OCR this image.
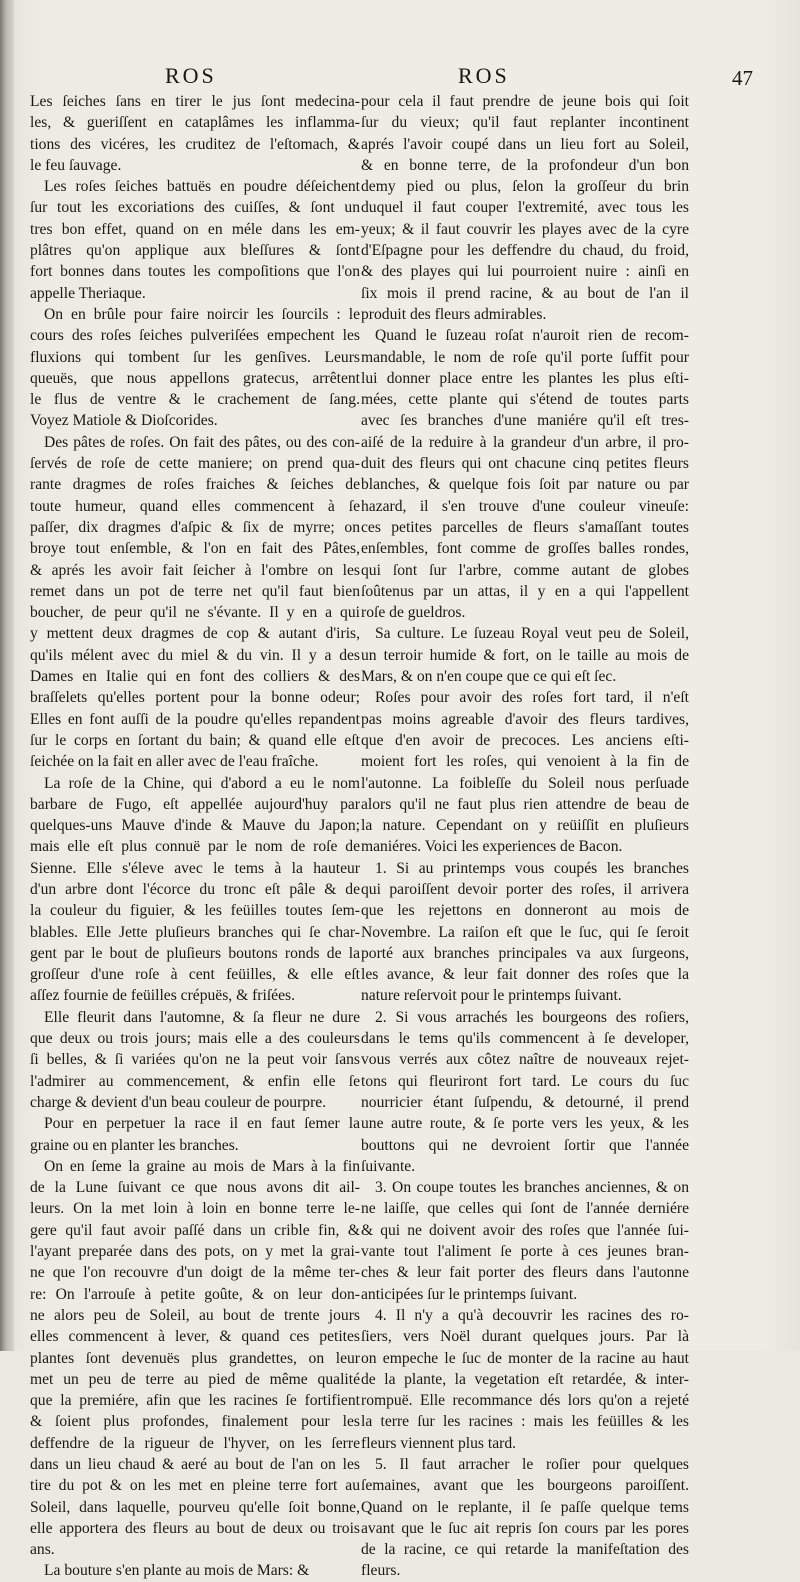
ROS	ROS	47
Les ſeiches ſans en tirer le jus ſont medecina-
les, & gueriſſent en cataplâmes les inflamma-
tions des vicéres, les cruditez de l'eſtomach, &
le feu ſauvage.
Les roſes ſeiches battuës en poudre déſeichent
ſur tout les excoriations des cuiſſes, & ſont un
tres bon effet, quand on en méle dans les em-
plâtres qu'on applique aux bleſſures & ſont
fort bonnes dans toutes les compoſitions que l'on
appelle Theriaque.
On en brûle pour faire noircir les ſourcils : le
cours des roſes ſeiches pulveriſées empechent les
fluxions qui tombent ſur les genſives. Leurs
queuës, que nous appellons gratecus, arrêtent
le flus de ventre & le crachement de ſang.
Voyez Matiole & Dioſcorides.
Des pâtes de roſes. On fait des pâtes, ou des con-
ſervés de roſe de cette maniere; on prend qua-
rante dragmes de roſes fraiches & ſeiches de
toute humeur, quand elles commencent à ſe
paſſer, dix dragmes d'aſpic & ſix de myrre; on
broye tout enſemble, & l'on en fait des Pâtes,
& aprés les avoir fait ſeicher à l'ombre on les
remet dans un pot de terre net qu'il faut bien
boucher, de peur qu'il ne s'évante. Il y en a qui
y mettent deux dragmes de cop & autant d'iris,
qu'ils mélent avec du miel & du vin. Il y a des
Dames en Italie qui en font des colliers & des
braſſelets qu'elles portent pour la bonne odeur;
Elles en font auſſi de la poudre qu'elles repandent
ſur le corps en ſortant du bain; & quand elle eſt
ſeichée on la fait en aller avec de l'eau fraîche.
La roſe de la Chine, qui d'abord a eu le nom
barbare de Fugo, eſt appellée aujourd'huy par
quelques-uns Mauve d'inde & Mauve du Japon;
mais elle eſt plus connuë par le nom de roſe de
Sienne. Elle s'éleve avec le tems à la hauteur
d'un arbre dont l'écorce du tronc eſt pâle & de
la couleur du figuier, & les feüilles toutes ſem-
blables. Elle Jette pluſieurs branches qui ſe char-
gent par le bout de pluſieurs boutons ronds de la
groſſeur d'une roſe à cent feüilles, & elle eſt
aſſez fournie de feüilles crépuës, & friſées.
Elle fleurit dans l'automne, & ſa fleur ne dure
que deux ou trois jours; mais elle a des couleurs
ſi belles, & ſi variées qu'on ne la peut voir ſans
l'admirer au commencement, & enfin elle ſe
charge & devient d'un beau couleur de pourpre.
Pour en perpetuer la race il en faut ſemer la
graine ou en planter les branches.
On en ſeme la graine au mois de Mars à la fin
de la Lune ſuivant ce que nous avons dit ail-
leurs. On la met loin à loin en bonne terre le-
gere qu'il faut avoir paſſé dans un crible fin, &
l'ayant preparée dans des pots, on y met la grai-
ne que l'on recouvre d'un doigt de la même ter-
re: On l'arrouſe à petite goûte, & on leur don-
ne alors peu de Soleil, au bout de trente jours
elles commencent à lever, & quand ces petites
plantes ſont devenuës plus grandettes, on leur
met un peu de terre au pied de même qualité
que la premiére, afin que les racines ſe fortifient
& ſoient plus profondes, finalement pour les
deffendre de la rigueur de l'hyver, on les ſerre
dans un lieu chaud & aeré au bout de l'an on les
tire du pot & on les met en pleine terre fort au
Soleil, dans laquelle, pourveu qu'elle ſoit bonne,
elle apportera des fleurs au bout de deux ou trois
ans.
La bouture s'en plante au mois de Mars: &
pour cela il faut prendre de jeune bois qui ſoit
ſur du vieux; qu'il faut replanter incontinent
aprés l'avoir coupé dans un lieu fort au Soleil,
& en bonne terre, de la profondeur d'un bon
demy pied ou plus, ſelon la groſſeur du brin
duquel il faut couper l'extremité, avec tous les
yeux; & il faut couvrir les playes avec de la cyre
d'Eſpagne pour les deffendre du chaud, du froid,
& des playes qui lui pourroient nuire : ainſi en
ſix mois il prend racine, & au bout de l'an il
produit des fleurs admirables.
Quand le ſuzeau roſat n'auroit rien de recom-
mandable, le nom de roſe qu'il porte ſuffit pour
lui donner place entre les plantes les plus eſti-
mées, cette plante qui s'étend de toutes parts
avec ſes branches d'une maniére qu'il eſt tres-
aiſé de la reduire à la grandeur d'un arbre, il pro-
duit des fleurs qui ont chacune cinq petites fleurs
blanches, & quelque fois ſoit par nature ou par
hazard, il s'en trouve d'une couleur vineuſe:
ces petites parcelles de fleurs s'amaſſant toutes
enſembles, font comme de groſſes balles rondes,
qui ſont ſur l'arbre, comme autant de globes
ſoûtenus par un attas, il y en a qui l'appellent
roſe de gueldros.
Sa culture. Le ſuzeau Royal veut peu de Soleil,
un terroir humide & fort, on le taille au mois de
Mars, & on n'en coupe que ce qui eſt ſec.
Roſes pour avoir des roſes fort tard, il n'eſt
pas moins agreable d'avoir des fleurs tardives,
que d'en avoir de precoces. Les anciens eſti-
moient fort les roſes, qui venoient à la fin de
l'autonne. La foibleſſe du Soleil nous perſuade
alors qu'il ne faut plus rien attendre de beau de
la nature. Cependant on y reüiſſit en pluſieurs
maniéres. Voici les experiences de Bacon.
1. Si au printemps vous coupés les branches
qui paroiſſent devoir porter des roſes, il arrivera
que les rejettons en donneront au mois de
Novembre. La raiſon eſt que le ſuc, qui ſe ſeroit
porté aux branches principales va aux ſurgeons,
les avance, & leur fait donner des roſes que la
nature reſervoit pour le printemps ſuivant.
2. Si vous arrachés les bourgeons des roſiers,
dans le tems qu'ils commencent à ſe developer,
vous verrés aux côtez naître de nouveaux rejet-
tons qui fleuriront fort tard. Le cours du ſuc
nourricier étant ſuſpendu, & detourné, il prend
une autre route, & ſe porte vers les yeux, & les
bouttons qui ne devroient ſortir que l'année
ſuivante.
3. On coupe toutes les branches anciennes, & on
ne laiſſe, que celles qui ſont de l'année derniére
& qui ne doivent avoir des roſes que l'année ſui-
vante tout l'aliment ſe porte à ces jeunes bran-
ches & leur fait porter des fleurs dans l'autonne
anticipées ſur le printemps ſuivant.
4. Il n'y a qu'à decouvrir les racines des ro-
ſiers, vers Noël durant quelques jours. Par là
on empeche le ſuc de monter de la racine au haut
de la plante, la vegetation eſt retardée, & inter-
rompuë. Elle recommance dés lors qu'on a rejeté
la terre ſur les racines : mais les feüilles & les
fleurs viennent plus tard.
5. Il faut arracher le roſier pour quelques
ſemaines, avant que les bourgeons paroiſſent.
Quand on le replante, il ſe paſſe quelque tems
avant que le ſuc ait repris ſon cours par les pores
de la racine, ce qui retarde la manifeſtation des
fleurs.
